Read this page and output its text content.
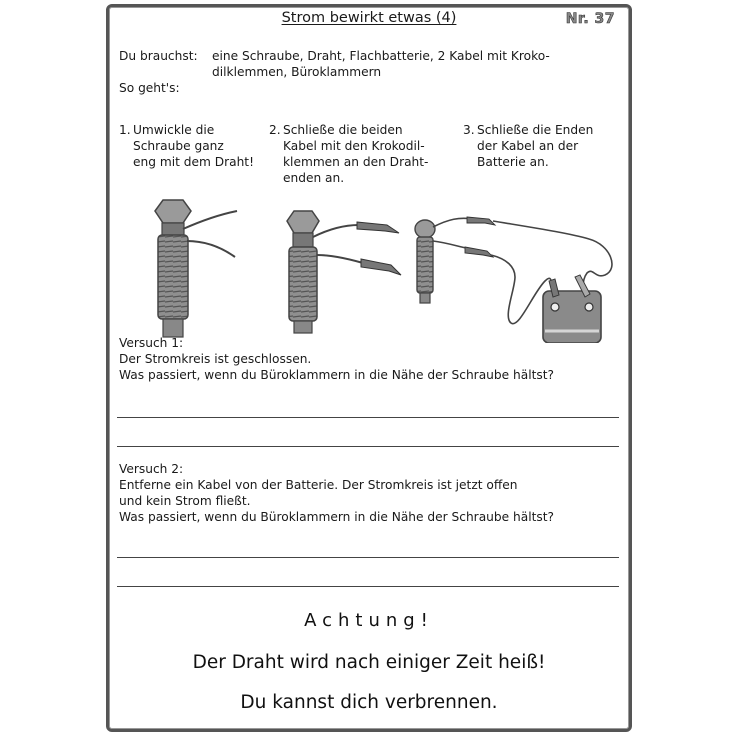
Strom bewirkt etwas (4)	Nr. 37
Du brauchst: eine Schraube, Draht, Flachbatterie, 2 Kabel mit Kroko-
dilklemmen, Büroklammern
So geht's:
1. Umwickle die
Schraube ganz
eng mit dem Draht!
2. Schließe die beiden
Kabel mit den Krokodil-
klemmen an den Draht-
enden an.
3. Schließe die Enden
der Kabel an der
Batterie an.
Versuch 1:
Der Stromkreis ist geschlossen.
Was passiert, wenn du Büroklammern in die Nähe der Schraube hältst?
Versuch 2:
Entferne ein Kabel von der Batterie. Der Stromkreis ist jetzt offen
und kein Strom fließt.
Was passiert, wenn du Büroklammern in die Nähe der Schraube hältst?
Achtung!
Der Draht wird nach einiger Zeit heiß!
Du kannst dich verbrennen.
